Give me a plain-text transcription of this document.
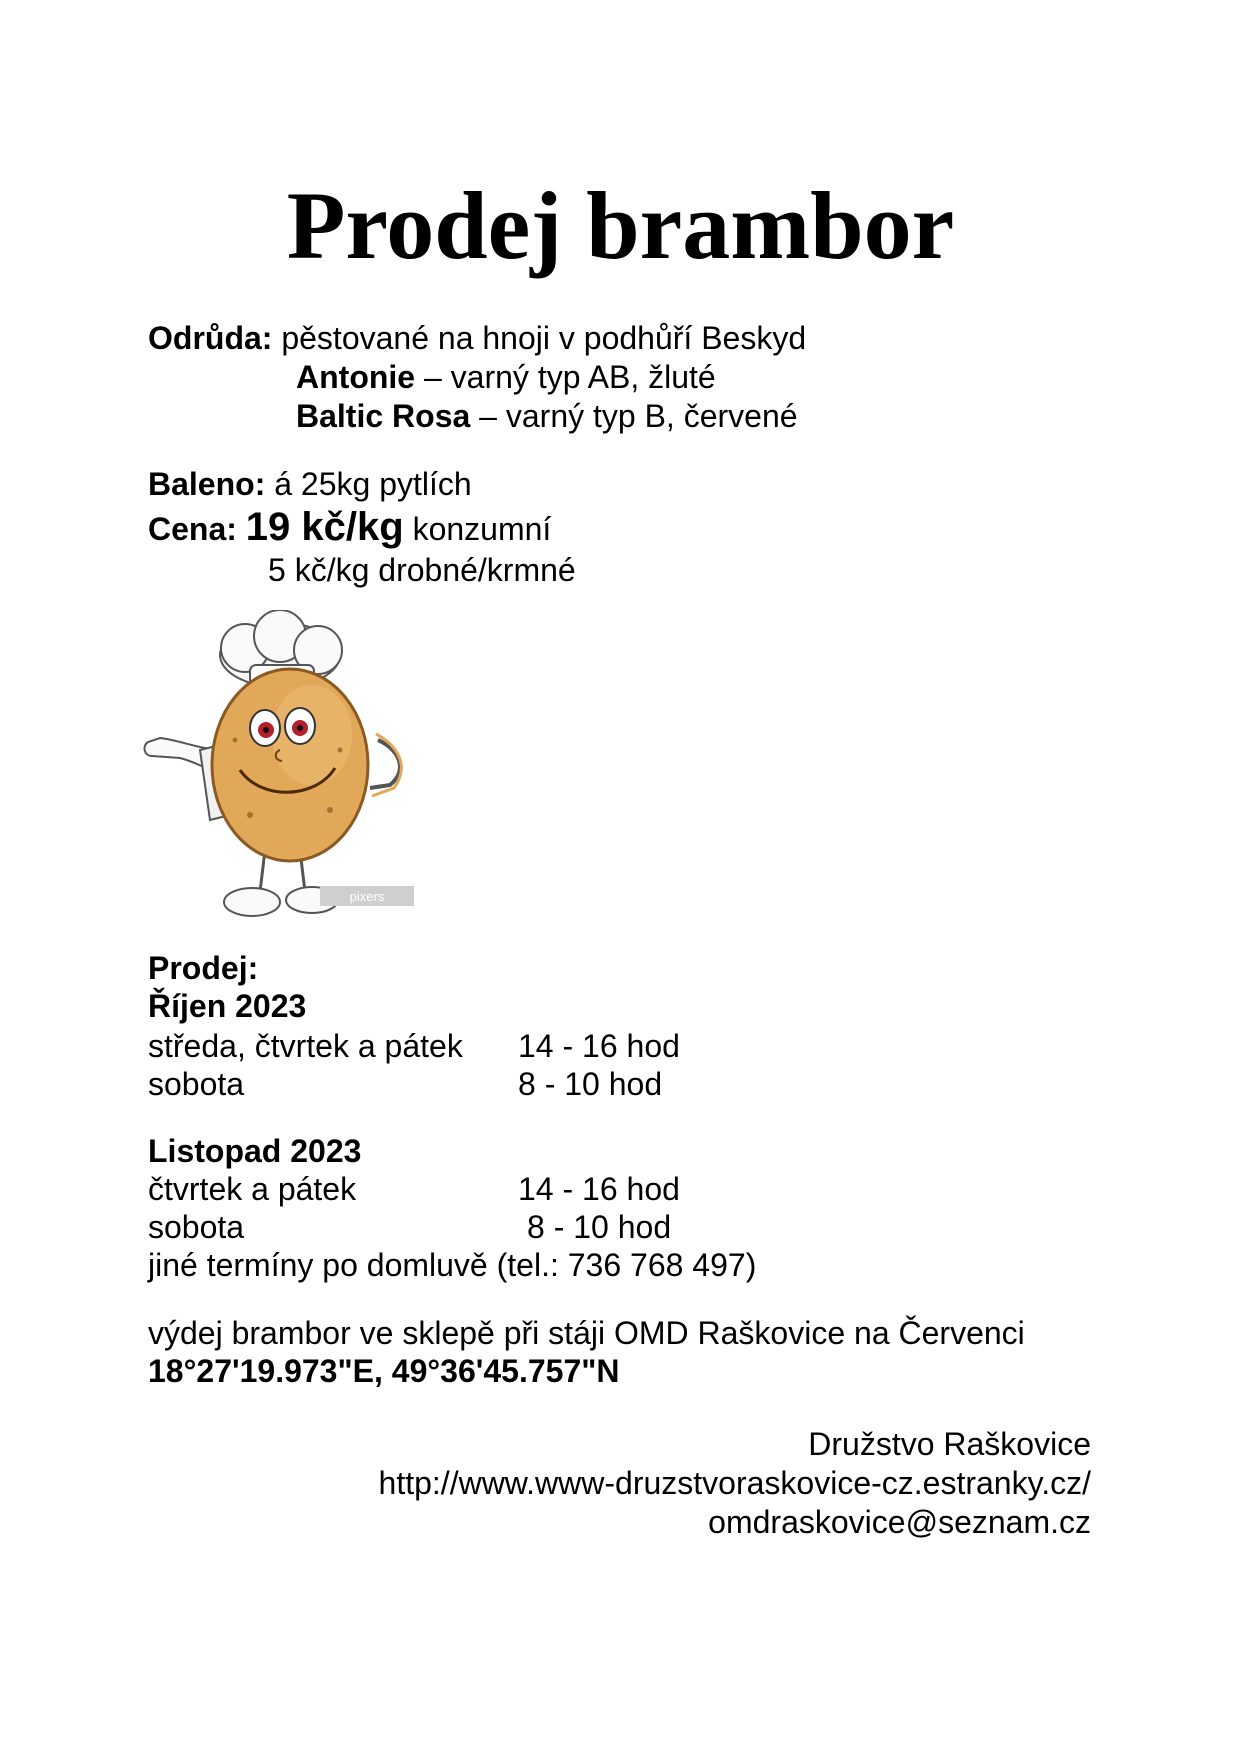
Prodej brambor
Odrůda: pěstované na hnoji v podhůří Beskyd
Antonie – varný typ AB, žluté
Baltic Rosa – varný typ B, červené
Baleno: á 25kg pytlích
Cena: 19 kč/kg konzumní
5 kč/kg drobné/krmné
pixers
Prodej:
Říjen 2023
středa, čtvrtek a pátek 14 - 16 hod
sobota	8 - 10 hod
Listopad 2023
čtvrtek a pátek	14 - 16 hod
sobota	8 - 10 hod
jiné termíny po domluvě (tel.: 736 768 497)
výdej brambor ve sklepě při stáji OMD Raškovice na Červenci
18°27'19.973"E, 49°36'45.757"N
Družstvo Raškovice
http://www.www-druzstvoraskovice-cz.estranky.cz/
omdraskovice@seznam.cz
